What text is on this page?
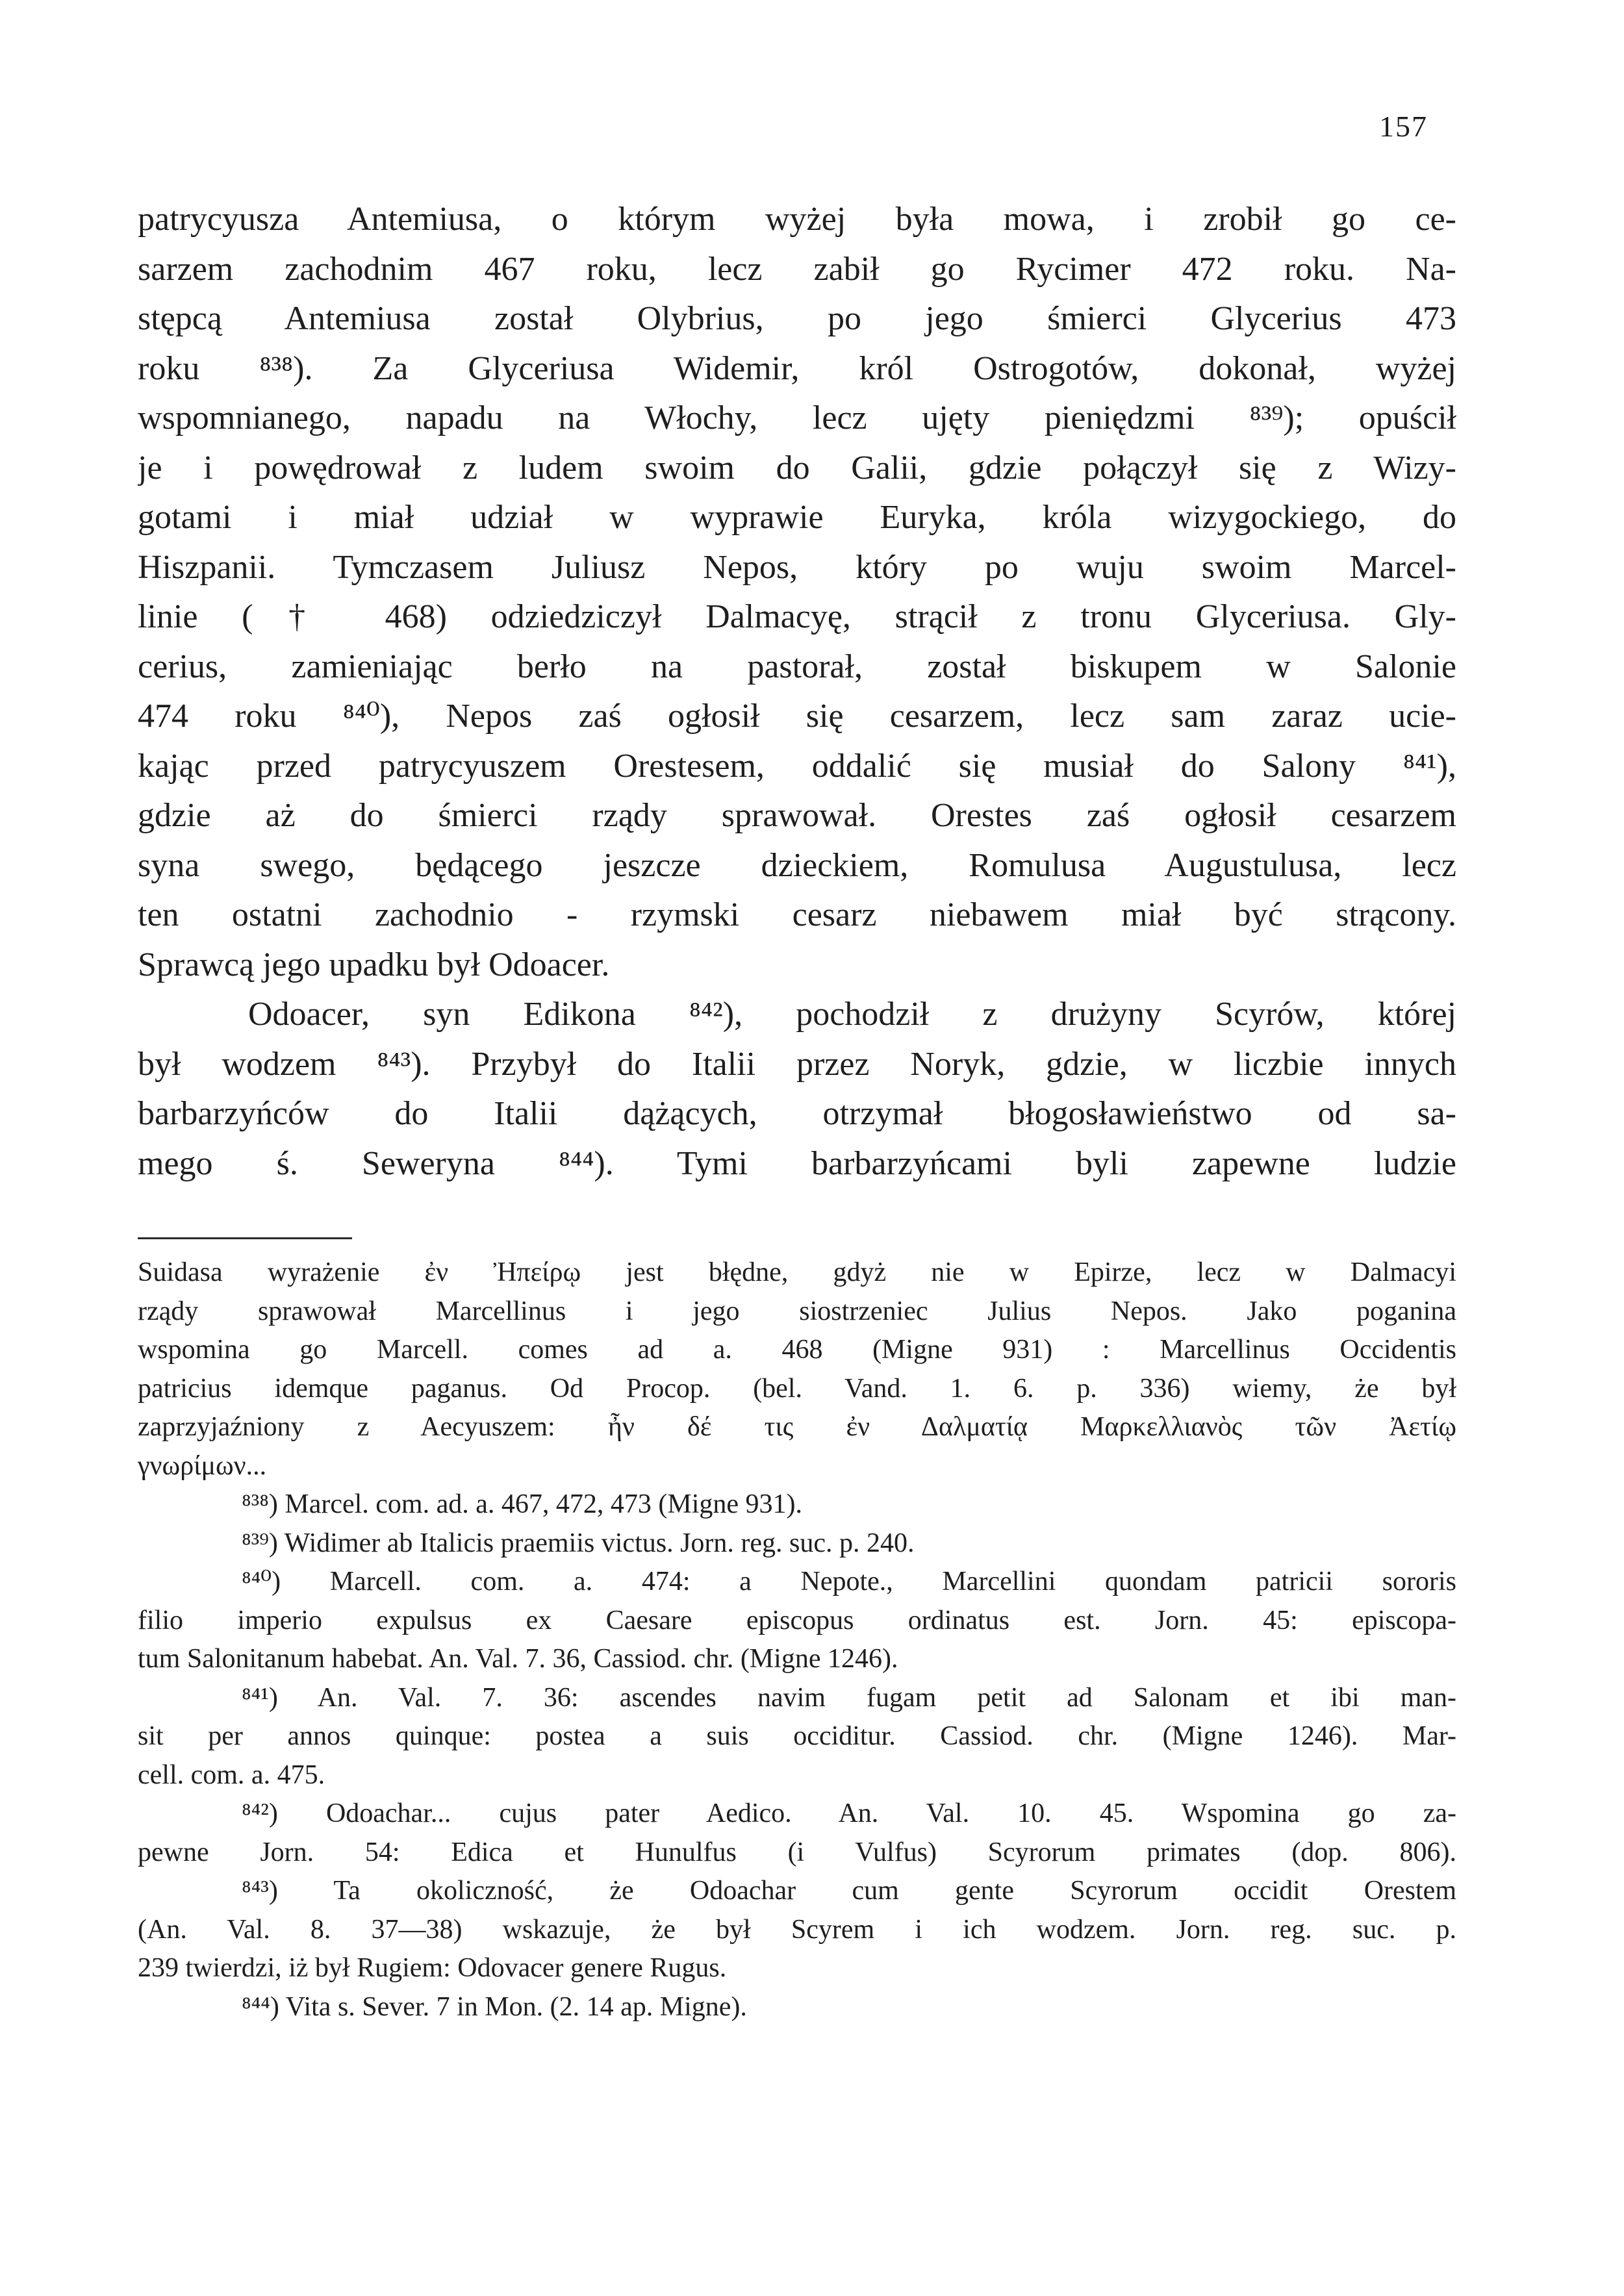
157
patrycyusza Antemiusa, o którym wyżej była mowa, i zrobił go ce-
sarzem zachodnim 467 roku, lecz zabił go Rycimer 472 roku. Na-
stępcą Antemiusa został Olybrius, po jego śmierci Glycerius 473
roku ⁸³⁸). Za Glyceriusa Widemir, król Ostrogotów, dokonał, wyżej
wspomnianego, napadu na Włochy, lecz ujęty pieniędzmi ⁸³⁹); opuścił
je i powędrował z ludem swoim do Galii, gdzie połączył się z Wizy-
gotami i miał udział w wyprawie Euryka, króla wizygockiego, do
Hiszpanii. Tymczasem Juliusz Nepos, który po wuju swoim Marcel-
linie († 468) odziedziczył Dalmacyę, strącił z tronu Glyceriusa. Gly-
cerius, zamieniając berło na pastorał, został biskupem w Salonie
474 roku ⁸⁴⁰), Nepos zaś ogłosił się cesarzem, lecz sam zaraz ucie-
kając przed patrycyuszem Orestesem, oddalić się musiał do Salony ⁸⁴¹),
gdzie aż do śmierci rządy sprawował. Orestes zaś ogłosił cesarzem
syna swego, będącego jeszcze dzieckiem, Romulusa Augustulusa, lecz
ten ostatni zachodnio - rzymski cesarz niebawem miał być strącony.
Sprawcą jego upadku był Odoacer.
Odoacer, syn Edikona ⁸⁴²), pochodził z drużyny Scyrów, której
był wodzem ⁸⁴³). Przybył do Italii przez Noryk, gdzie, w liczbie innych
barbarzyńców do Italii dążących, otrzymał błogosławieństwo od sa-
mego ś. Seweryna ⁸⁴⁴). Tymi barbarzyńcami byli zapewne ludzie
Suidasa wyrażenie ἐν Ἠπείρῳ jest błędne, gdyż nie w Epirze, lecz w Dalmacyi
rządy sprawował Marcellinus i jego siostrzeniec Julius Nepos. Jako poganina
wspomina go Marcell. comes ad a. 468 (Migne 931) : Marcellinus Occidentis
patricius idemque paganus. Od Procop. (bel. Vand. 1. 6. p. 336) wiemy, że był
zaprzyjaźniony z Aecyuszem: ἦν δέ τις ἐν Δαλματίᾳ Μαρκελλιανὸς τῶν Ἀετίῳ
γνωρίμων...
⁸³⁸) Marcel. com. ad. a. 467, 472, 473 (Migne 931).
⁸³⁹) Widimer ab Italicis praemiis victus. Jorn. reg. suc. p. 240.
⁸⁴⁰) Marcell. com. a. 474: a Nepote., Marcellini quondam patricii sororis
filio imperio expulsus ex Caesare episcopus ordinatus est. Jorn. 45: episcopa-
tum Salonitanum habebat. An. Val. 7. 36, Cassiod. chr. (Migne 1246).
⁸⁴¹) An. Val. 7. 36: ascendes navim fugam petit ad Salonam et ibi man-
sit per annos quinque: postea a suis occiditur. Cassiod. chr. (Migne 1246). Mar-
cell. com. a. 475.
⁸⁴²) Odoachar... cujus pater Aedico. An. Val. 10. 45. Wspomina go za-
pewne Jorn. 54: Edica et Hunulfus (i Vulfus) Scyrorum primates (dop. 806).
⁸⁴³) Ta okoliczność, że Odoachar cum gente Scyrorum occidit Orestem
(An. Val. 8. 37—38) wskazuje, że był Scyrem i ich wodzem. Jorn. reg. suc. p.
239 twierdzi, iż był Rugiem: Odovacer genere Rugus.
⁸⁴⁴) Vita s. Sever. 7 in Mon. (2. 14 ap. Migne).
